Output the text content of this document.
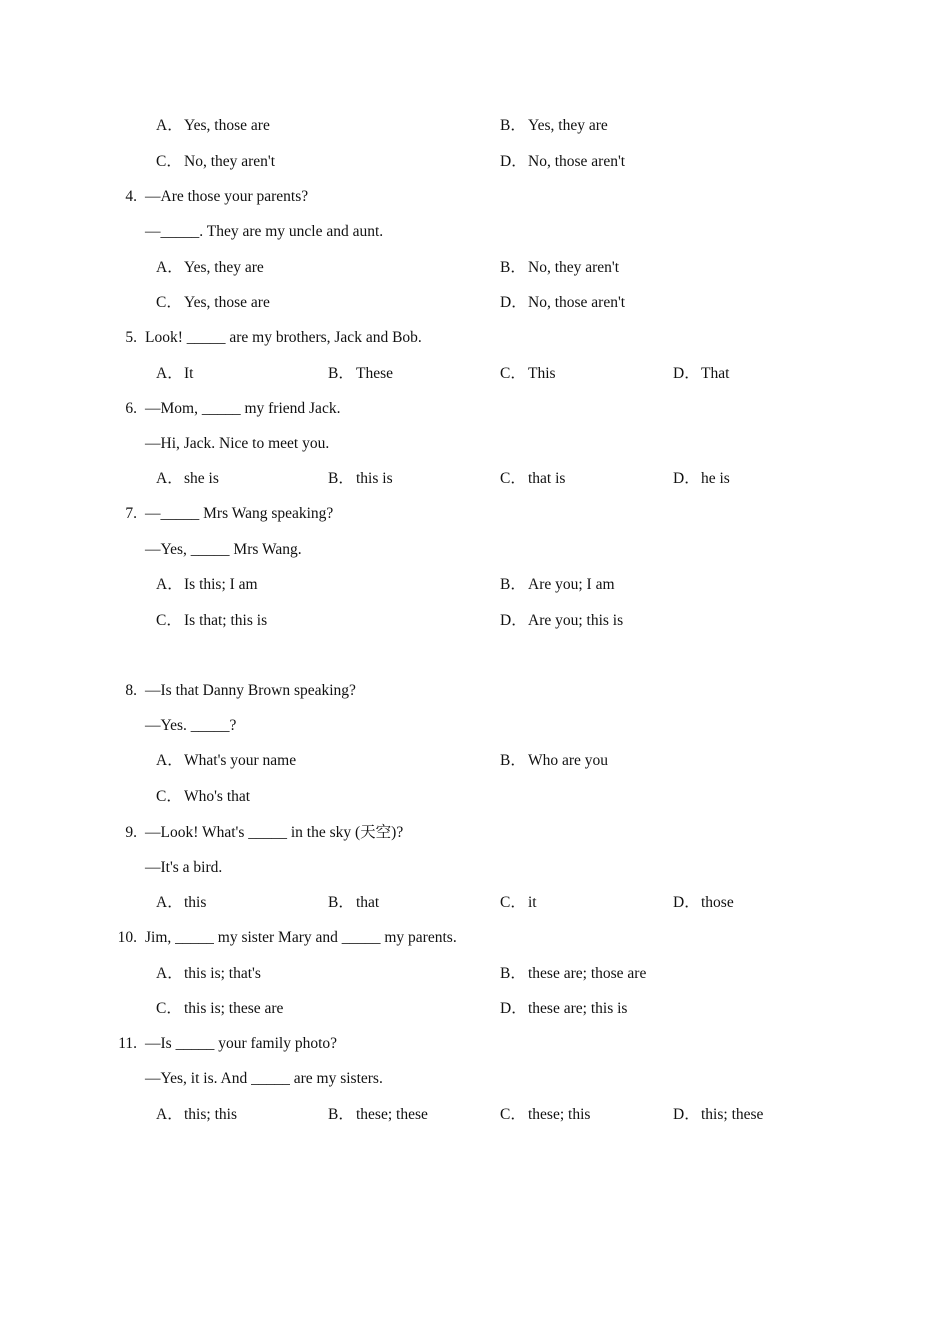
A．Yes, those are	B． Yes, they are
C． No, they aren't	D．No, those aren't
4. —Are those your parents?
—_____. They are my uncle and aunt.
A．Yes, they are	B． No, they aren't
C． Yes, those are	D．No, those aren't
5. Look! _____ are my brothers, Jack and Bob.
A．It	B． These	C． This	D．That
6. —Mom, _____ my friend Jack.
—Hi, Jack. Nice to meet you.
A．she is	B． this is	C． that is	D．he is
7. —_____ Mrs Wang speaking?
—Yes, _____ Mrs Wang.
A．Is this; I am	B． Are you; I am
C． Is that; this is	D．Are you; this is
8. —Is that Danny Brown speaking?
—Yes. _____?
A．What's your name	B． Who are you
C． Who's that
9. —Look! What's _____ in the sky (天空)?
—It's a bird.
A．this	B． that	C． it	D．those
10. Jim, _____ my sister Mary and _____ my parents.
A．this is; that's	B． these are; those are
C． this is; these are	D．these are; this is
11. —Is _____ your family photo?
—Yes, it is. And _____ are my sisters.
A．this; this	B． these; these	C． these; this	D．this; these
